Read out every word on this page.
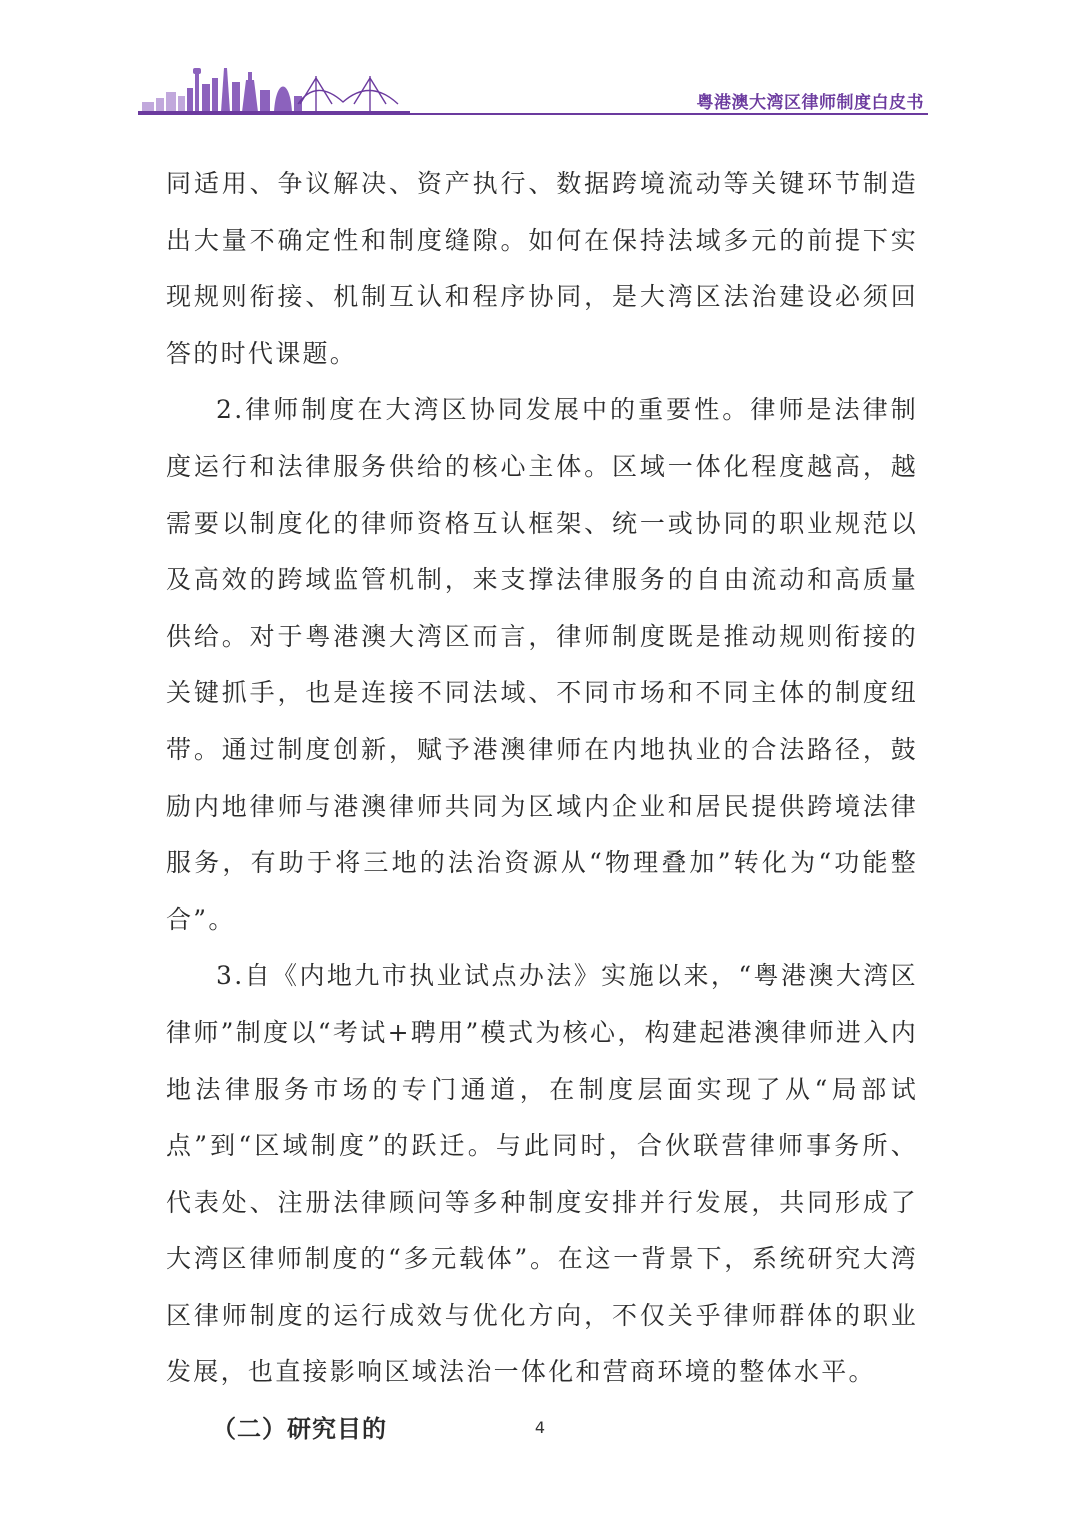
粤港澳大湾区律师制度白皮书

同适用、争议解决、资产执行、数据跨境流动等关键环节制造出大量不确定性和制度缝隙。如何在保持法域多元的前提下实现规则衔接、机制互认和程序协同，是大湾区法治建设必须回答的时代课题。

2.律师制度在大湾区协同发展中的重要性。律师是法律制度运行和法律服务供给的核心主体。区域一体化程度越高，越需要以制度化的律师资格互认框架、统一或协同的职业规范以及高效的跨域监管机制，来支撑法律服务的自由流动和高质量供给。对于粤港澳大湾区而言，律师制度既是推动规则衔接的关键抓手，也是连接不同法域、不同市场和不同主体的制度纽带。通过制度创新，赋予港澳律师在内地执业的合法路径，鼓励内地律师与港澳律师共同为区域内企业和居民提供跨境法律服务，有助于将三地的法治资源从“物理叠加”转化为“功能整合”。

3.自《内地九市执业试点办法》实施以来，“粤港澳大湾区律师”制度以“考试+聘用”模式为核心，构建起港澳律师进入内地法律服务市场的专门通道，在制度层面实现了从“局部试点”到“区域制度”的跃迁。与此同时，合伙联营律师事务所、代表处、注册法律顾问等多种制度安排并行发展，共同形成了大湾区律师制度的“多元载体”。在这一背景下，系统研究大湾区律师制度的运行成效与优化方向，不仅关乎律师群体的职业发展，也直接影响区域法治一体化和营商环境的整体水平。

（二）研究目的	4
